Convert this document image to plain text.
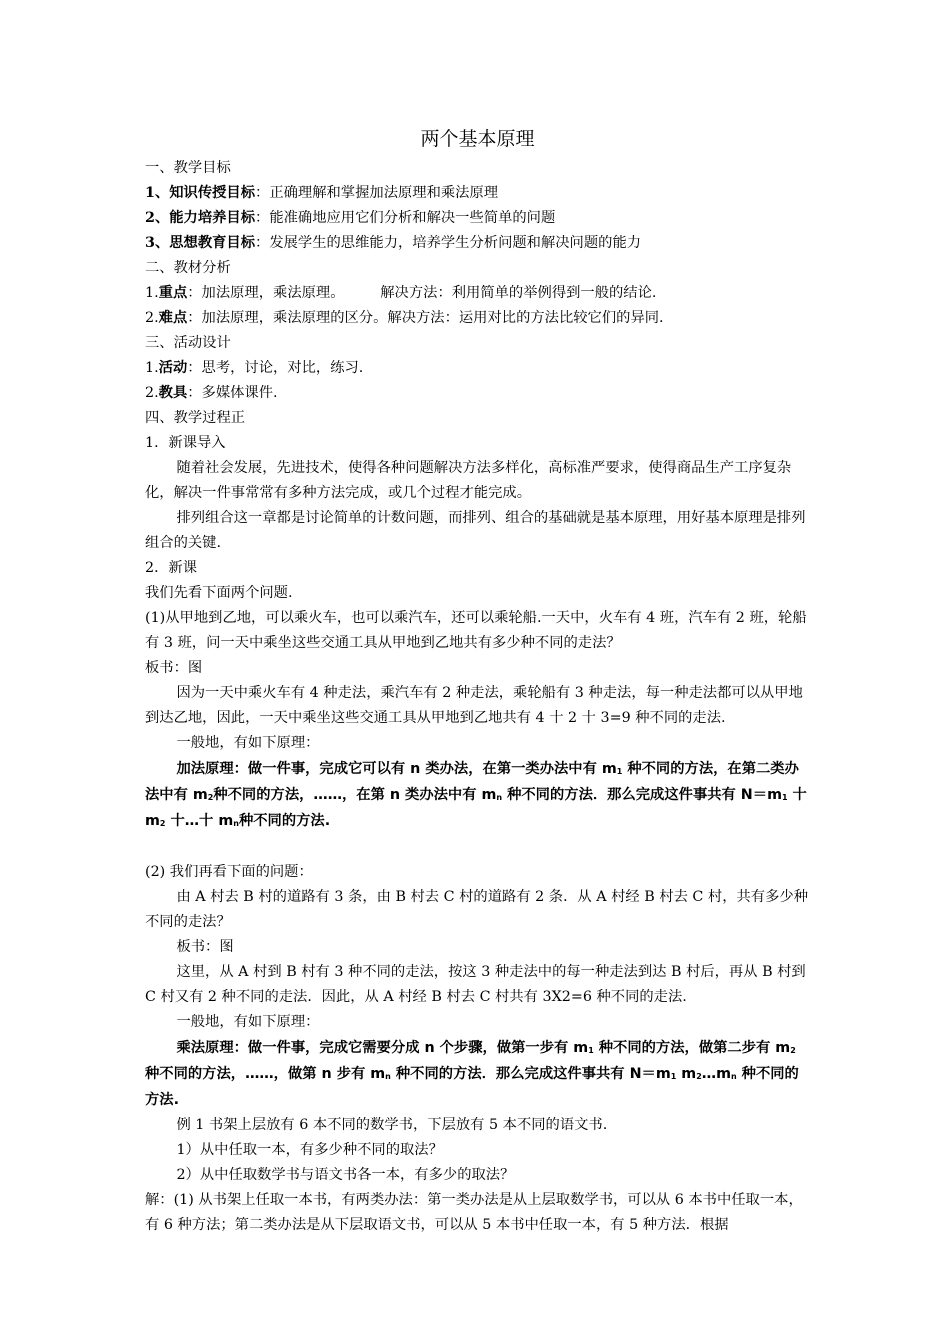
两个基本原理

一、教学目标

1、知识传授目标：正确理解和掌握加法原理和乘法原理

2、能力培养目标：能准确地应用它们分析和解决一些简单的问题

3、思想教育目标：发展学生的思维能力，培养学生分析问题和解决问题的能力

二、教材分析

1.重点：加法原理，乘法原理。　　　解决方法：利用简单的举例得到一般的结论.

2.难点：加法原理，乘法原理的区分。解决方法：运用对比的方法比较它们的异同.

三、活动设计

1.活动：思考，讨论，对比，练习.

2.教具：多媒体课件.

四、教学过程正

1．新课导入

随着社会发展，先进技术，使得各种问题解决方法多样化，高标准严要求，使得商品生产工序复杂化，解决一件事常常有多种方法完成，或几个过程才能完成。

排列组合这一章都是讨论简单的计数问题，而排列、组合的基础就是基本原理，用好基本原理是排列组合的关键.

2．新课

我们先看下面两个问题.

(1)从甲地到乙地，可以乘火车，也可以乘汽车，还可以乘轮船.一天中，火车有 4 班，汽车有 2 班，轮船有 3 班，问一天中乘坐这些交通工具从甲地到乙地共有多少种不同的走法？

板书：图

因为一天中乘火车有 4 种走法，乘汽车有 2 种走法，乘轮船有 3 种走法，每一种走法都可以从甲地到达乙地，因此，一天中乘坐这些交通工具从甲地到乙地共有 4 十 2 十 3=9 种不同的走法.

一般地，有如下原理：

加法原理：做一件事，完成它可以有 n 类办法，在第一类办法中有 $m_1$ 种不同的方法，在第二类办法中有 $m_2$种不同的方法，……，在第 n 类办法中有 $m_n$ 种不同的方法．那么完成这件事共有 $N=m_1$ 十 $m_2$ 十…十 $m_n$种不同的方法.

(2) 我们再看下面的问题：

由 A 村去 B 村的道路有 3 条，由 B 村去 C 村的道路有 2 条．从 A 村经 B 村去 C 村，共有多少种不同的走法？

板书：图

这里，从 A 村到 B 村有 3 种不同的走法，按这 3 种走法中的每一种走法到达 B 村后，再从 B 村到 C 村又有 2 种不同的走法．因此，从 A 村经 B 村去 C 村共有 3X2=6 种不同的走法.

一般地，有如下原理：

乘法原理：做一件事，完成它需要分成 n 个步骤，做第一步有 $m_1$ 种不同的方法，做第二步有 $m_2$ 种不同的方法，……，做第 n 步有 $m_n$ 种不同的方法．那么完成这件事共有 $N=m_1$ $m_2\dots m_n$ 种不同的方法.

例 1 书架上层放有 6 本不同的数学书，下层放有 5 本不同的语文书.

1）从中任取一本，有多少种不同的取法？

2）从中任取数学书与语文书各一本，有多少的取法？

解：(1) 从书架上任取一本书，有两类办法：第一类办法是从上层取数学书，可以从 6 本书中任取一本，有 6 种方法；第二类办法是从下层取语文书，可以从 5 本书中任取一本，有 5 种方法．根据
